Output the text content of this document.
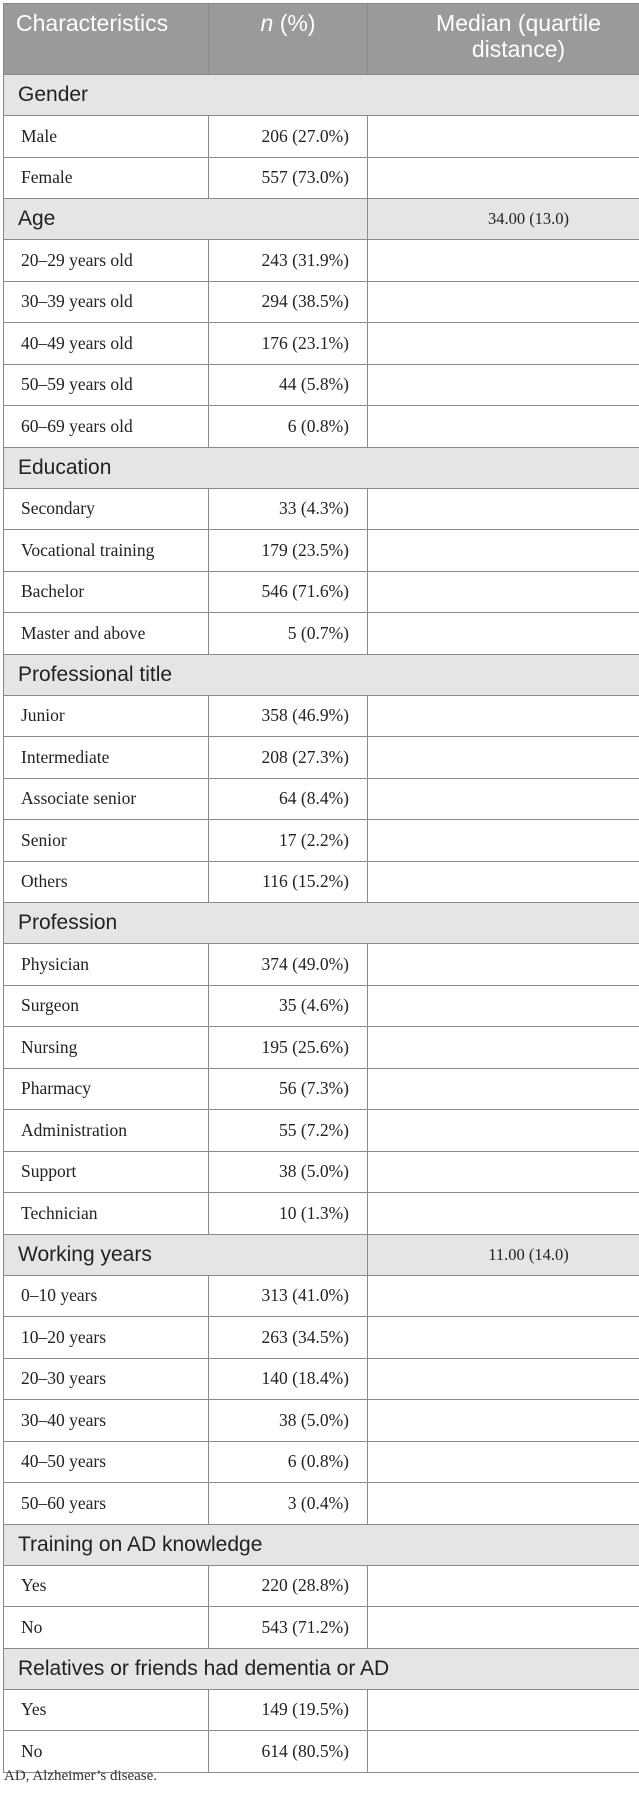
Characteristics	n (%)	Median (quartile distance)
Gender		
Male	206 (27.0%)	
Female	557 (73.0%)	
Age		34.00 (13.0)
20–29 years old	243 (31.9%)	
30–39 years old	294 (38.5%)	
40–49 years old	176 (23.1%)	
50–59 years old	44 (5.8%)	
60–69 years old	6 (0.8%)	
Education		
Secondary	33 (4.3%)	
Vocational training	179 (23.5%)	
Bachelor	546 (71.6%)	
Master and above	5 (0.7%)	
Professional title		
Junior	358 (46.9%)	
Intermediate	208 (27.3%)	
Associate senior	64 (8.4%)	
Senior	17 (2.2%)	
Others	116 (15.2%)	
Profession		
Physician	374 (49.0%)	
Surgeon	35 (4.6%)	
Nursing	195 (25.6%)	
Pharmacy	56 (7.3%)	
Administration	55 (7.2%)	
Support	38 (5.0%)	
Technician	10 (1.3%)	
Working years		11.00 (14.0)
0–10 years	313 (41.0%)	
10–20 years	263 (34.5%)	
20–30 years	140 (18.4%)	
30–40 years	38 (5.0%)	
40–50 years	6 (0.8%)	
50–60 years	3 (0.4%)	
Training on AD knowledge		
Yes	220 (28.8%)	
No	543 (71.2%)	
Relatives or friends had dementia or AD		
Yes	149 (19.5%)	
No	614 (80.5%)	
AD, Alzheimer’s disease.
